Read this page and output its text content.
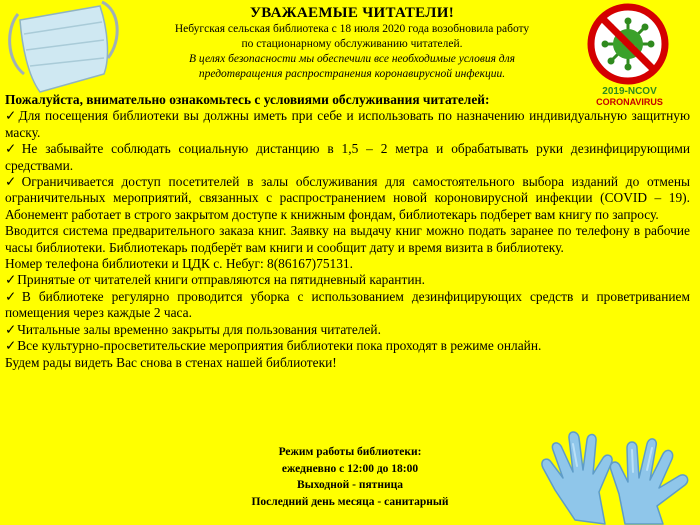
УВАЖАЕМЫЕ ЧИТАТЕЛИ!
Небугская сельская библиотека с 18 июля 2020 года возобновила работу
по стационарному обслуживанию читателей.
В целях безопасности мы обеспечили все необходимые условия для
предотвращения распространения коронавирусной инфекции.
2019-NCOV
CORONAVIRUS

Пожалуйста, внимательно ознакомьтесь с условиями обслуживания читателей:

✓Для посещения библиотеки вы должны иметь при себе и использовать по назначению индивидуальную защитную маску.

✓Не забывайте соблюдать социальную дистанцию в 1,5 – 2 метра и обрабатывать руки дезинфицирующими средствами.

✓Ограничивается доступ посетителей в залы обслуживания для самостоятельного выбора изданий до отмены ограничительных мероприятий, связанных с распространением новой короновирусной инфекции (COVID – 19). Абонемент работает в строго закрытом доступе к книжным фондам, библиотекарь подберет вам книгу по запросу.

Вводится система предварительного заказа книг. Заявку на выдачу книг можно подать заранее по телефону в рабочие часы библиотеки. Библиотекарь подберёт вам книги и сообщит дату и время визита в библиотеку.

Номер телефона библиотеки и ЦДК с. Небуг: 8(86167)75131.

✓Принятые от читателей книги отправляются на пятидневный карантин.

✓В библиотеке регулярно проводится уборка с использованием дезинфицирующих средств и проветриванием помещения через каждые 2 часа.

✓Читальные залы временно закрыты для пользования читателей.

✓Все культурно-просветительские мероприятия библиотеки пока проходят в режиме онлайн.

Будем рады видеть Вас снова в стенах нашей библиотеки!

Режим работы библиотеки:
ежедневно с 12:00 до 18:00
Выходной - пятница
Последний день месяца - санитарный
